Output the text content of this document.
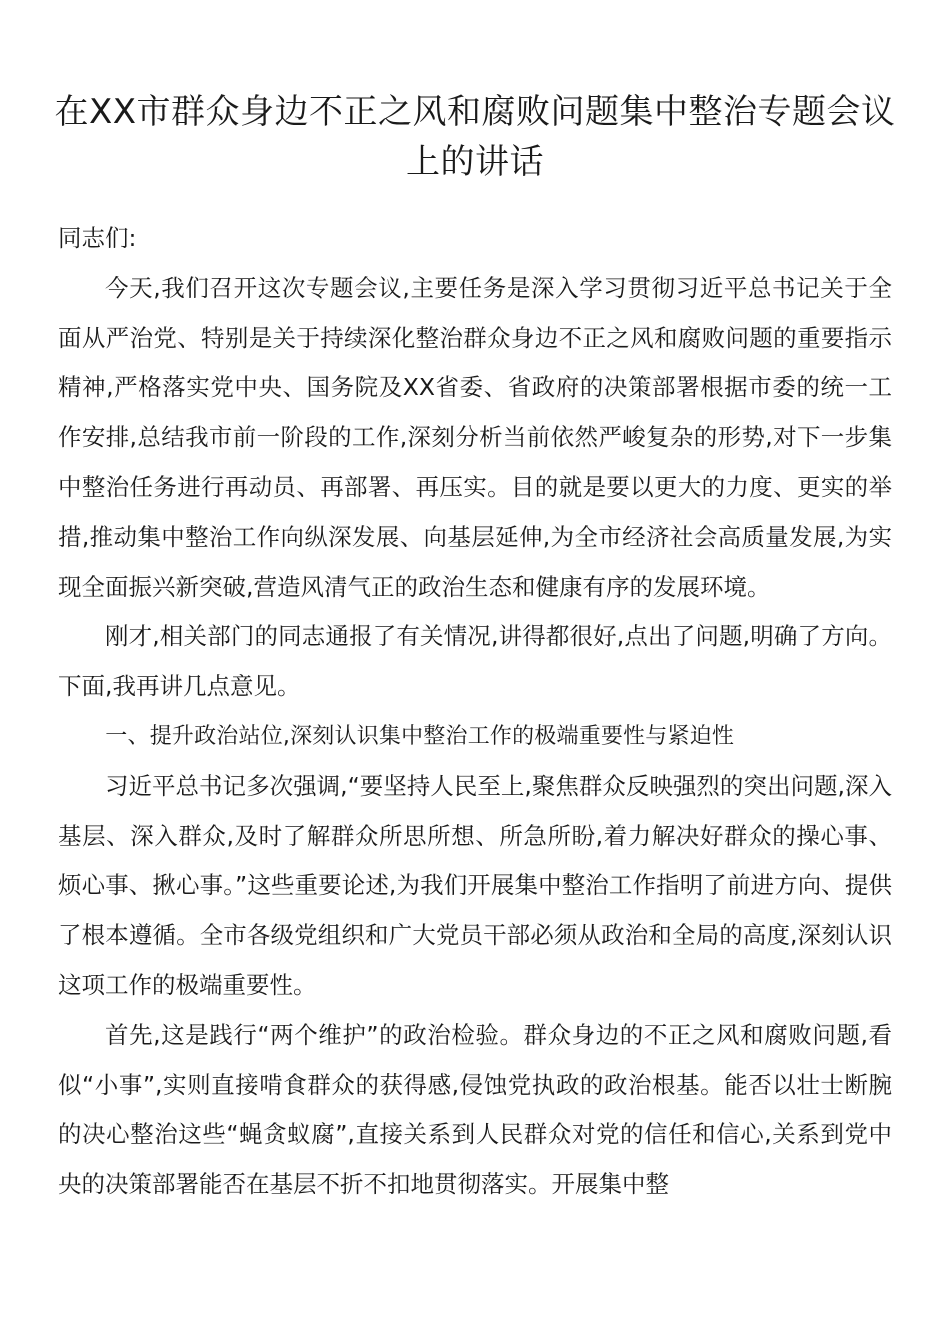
在XX市群众身边不正之风和腐败问题集中整治专题会议上的讲话

同志们:

今天,我们召开这次专题会议,主要任务是深入学习贯彻习近平总书记关于全面从严治党、特别是关于持续深化整治群众身边不正之风和腐败问题的重要指示精神,严格落实党中央、国务院及XX省委、省政府的决策部署根据市委的统一工作安排,总结我市前一阶段的工作,深刻分析当前依然严峻复杂的形势,对下一步集中整治任务进行再动员、再部署、再压实。目的就是要以更大的力度、更实的举措,推动集中整治工作向纵深发展、向基层延伸,为全市经济社会高质量发展,为实现全面振兴新突破,营造风清气正的政治生态和健康有序的发展环境。

刚才,相关部门的同志通报了有关情况,讲得都很好,点出了问题,明确了方向。下面,我再讲几点意见。

一、提升政治站位,深刻认识集中整治工作的极端重要性与紧迫性

习近平总书记多次强调,“要坚持人民至上,聚焦群众反映强烈的突出问题,深入基层、深入群众,及时了解群众所思所想、所急所盼,着力解决好群众的操心事、烦心事、揪心事。”这些重要论述,为我们开展集中整治工作指明了前进方向、提供了根本遵循。全市各级党组织和广大党员干部必须从政治和全局的高度,深刻认识这项工作的极端重要性。

首先,这是践行“两个维护”的政治检验。群众身边的不正之风和腐败问题,看似“小事”,实则直接啃食群众的获得感,侵蚀党执政的政治根基。能否以壮士断腕的决心整治这些“蝇贪蚁腐”,直接关系到人民群众对党的信任和信心,关系到党中央的决策部署能否在基层不折不扣地贯彻落实。开展集中整
